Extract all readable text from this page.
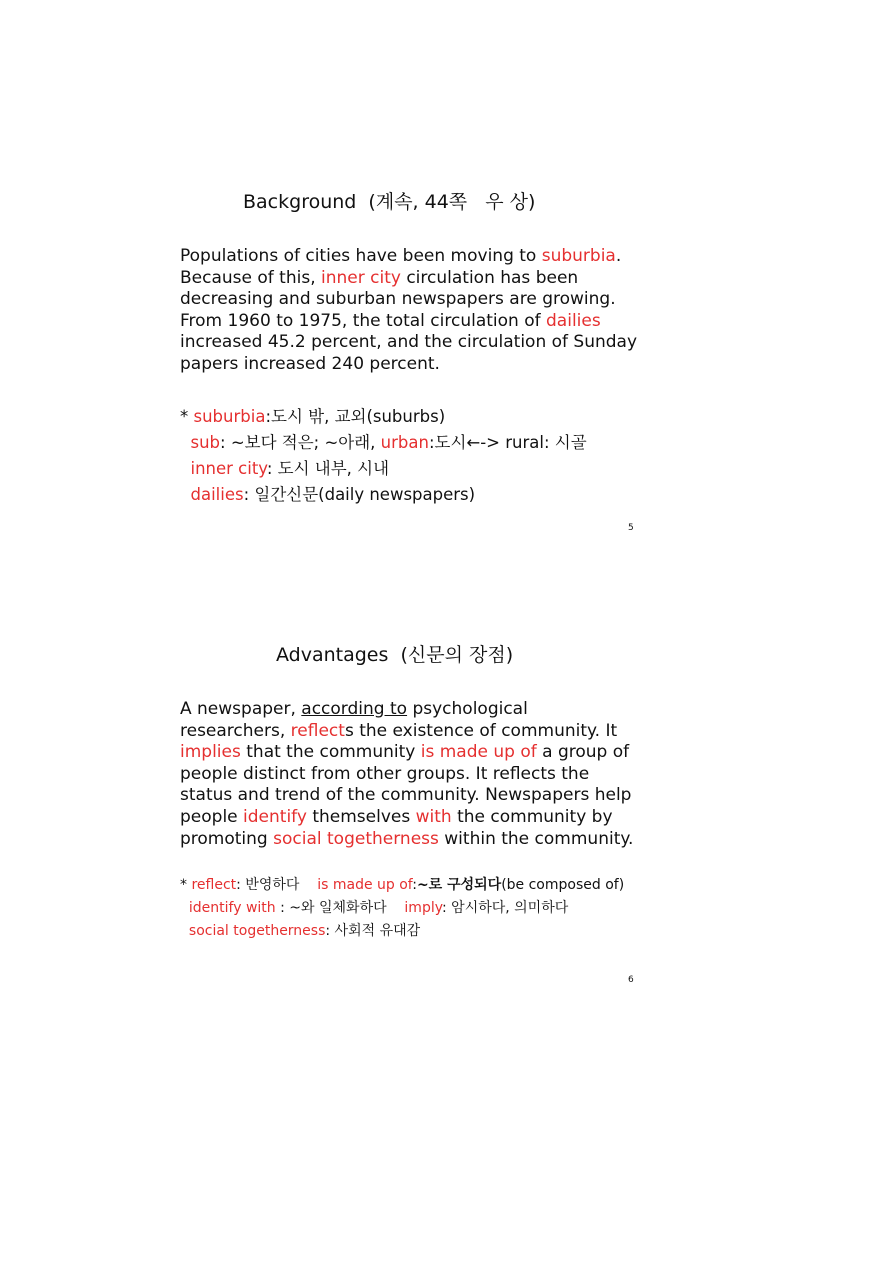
Background  (계속, 44쪽   우 상)
Populations of cities have been moving to suburbia.
Because of this, inner city circulation has been
decreasing and suburban newspapers are growing.
From 1960 to 1975, the total circulation of dailies
increased 45.2 percent, and the circulation of Sunday
papers increased 240 percent.
* suburbia:도시 밖, 교외(suburbs)
sub: ~보다 적은; ~아래, urban:도시←-> rural: 시골
inner city: 도시 내부, 시내
dailies: 일간신문(daily newspapers)
5
Advantages  (신문의 장점)
A newspaper, according to psychological
researchers, reflects the existence of community. It
implies that the community is made up of a group of
people distinct from other groups. It reflects the
status and trend of the community. Newspapers help
people identify themselves with the community by
promoting social togetherness within the community.
* reflect: 반영하다    is made up of:~로 구성되다(be composed of)
identify with : ~와 일체화하다    imply: 암시하다, 의미하다
social togetherness: 사회적 유대감
6
